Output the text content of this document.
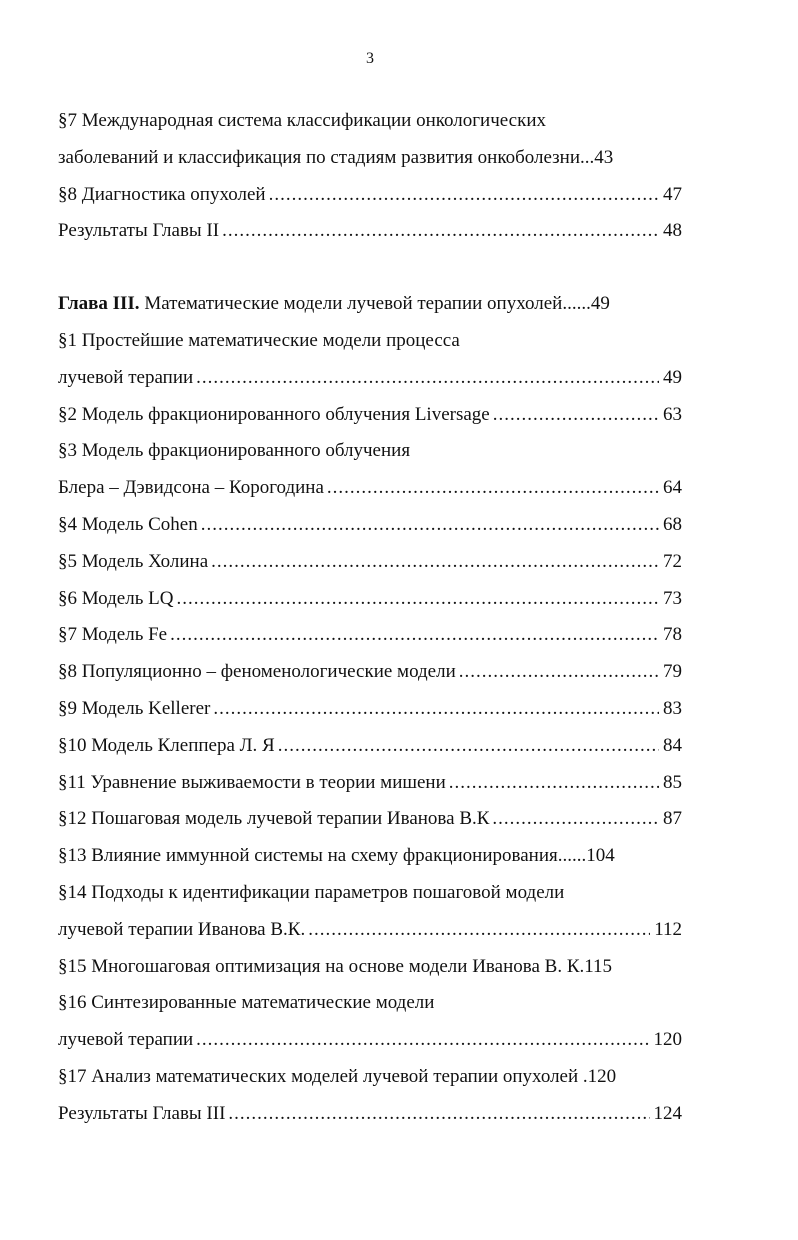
3
§7 Международная система классификации онкологических
заболеваний и классификация по стадиям развития онкоболезни ...43
§8 Диагностика опухолей .....	47
Результаты Главы II .....	48
Глава III. Математические модели лучевой терапии опухолей ......49
§1 Простейшие математические модели процесса
лучевой терапии .....	49
§2 Модель фракционированного облучения Liversage .....	63
§3 Модель фракционированного облучения
Блера – Дэвидсона – Корогодина .....	64
§4 Модель Cohen .....	68
§5 Модель Холина .....	72
§6 Модель LQ .....	73
§7 Модель Fe .....	78
§8 Популяционно – феноменологические модели .....	79
§9 Модель Kellerer .....	83
§10 Модель Клеппера Л. Я .....	84
§11 Уравнение выживаемости в теории мишени .....	85
§12 Пошаговая модель лучевой терапии Иванова В.К .....	87
§13 Влияние иммунной системы на схему фракционирования ......104
§14 Подходы к идентификации параметров пошаговой модели
лучевой терапии Иванова В.К. .....	112
§15 Многошаговая оптимизация на основе модели Иванова В. К.115
§16 Синтезированные математические модели
лучевой терапии .....	120
§17 Анализ математических моделей лучевой терапии опухолей .120
Результаты Главы III .....	124
